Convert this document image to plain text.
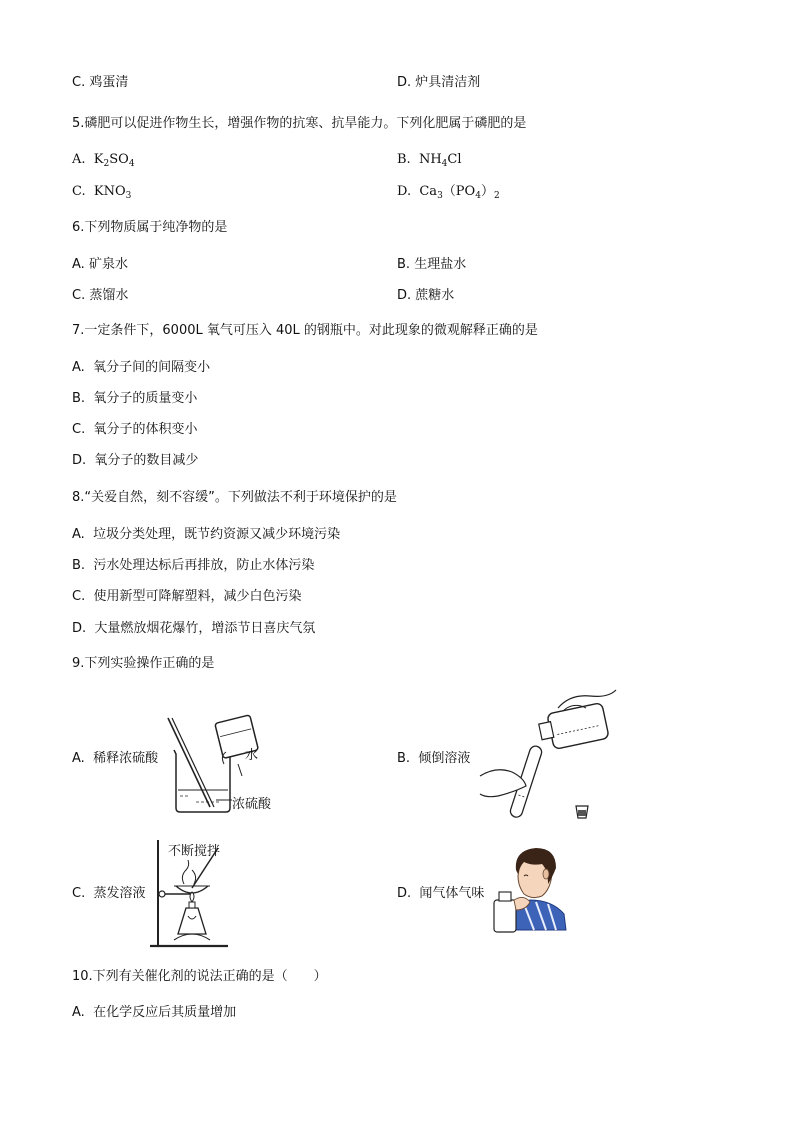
C. 鸡蛋清	D. 炉具清洁剂
5.磷肥可以促进作物生长，增强作物的抗寒、抗旱能力。下列化肥属于磷肥的是
A. $K_2SO_4$	B. $NH_4Cl$
C. $KNO_3$	D. $Ca_3(PO_4)_2$
6.下列物质属于纯净物的是
A. 矿泉水	B. 生理盐水
C. 蒸馏水	D. 蔗糖水
7.一定条件下，6000L 氧气可压入 40L 的钢瓶中。对此现象的微观解释正确的是
A. 氧分子间的间隔变小
B. 氧分子的质量变小
C. 氧分子的体积变小
D. 氧分子的数目减少
8.“关爱自然，刻不容缓”。下列做法不利于环境保护的是
A. 垃圾分类处理，既节约资源又减少环境污染
B. 污水处理达标后再排放，防止水体污染
C. 使用新型可降解塑料，减少白色污染
D. 大量燃放烟花爆竹，增添节日喜庆气氛
9.下列实验操作正确的是
A. 稀释浓硫酸	水
浓硫酸
B. 倾倒溶液
C. 蒸发溶液
不断搅拌
D. 闻气体气味
10.下列有关催化剂的说法正确的是（　　）
A. 在化学反应后其质量增加
